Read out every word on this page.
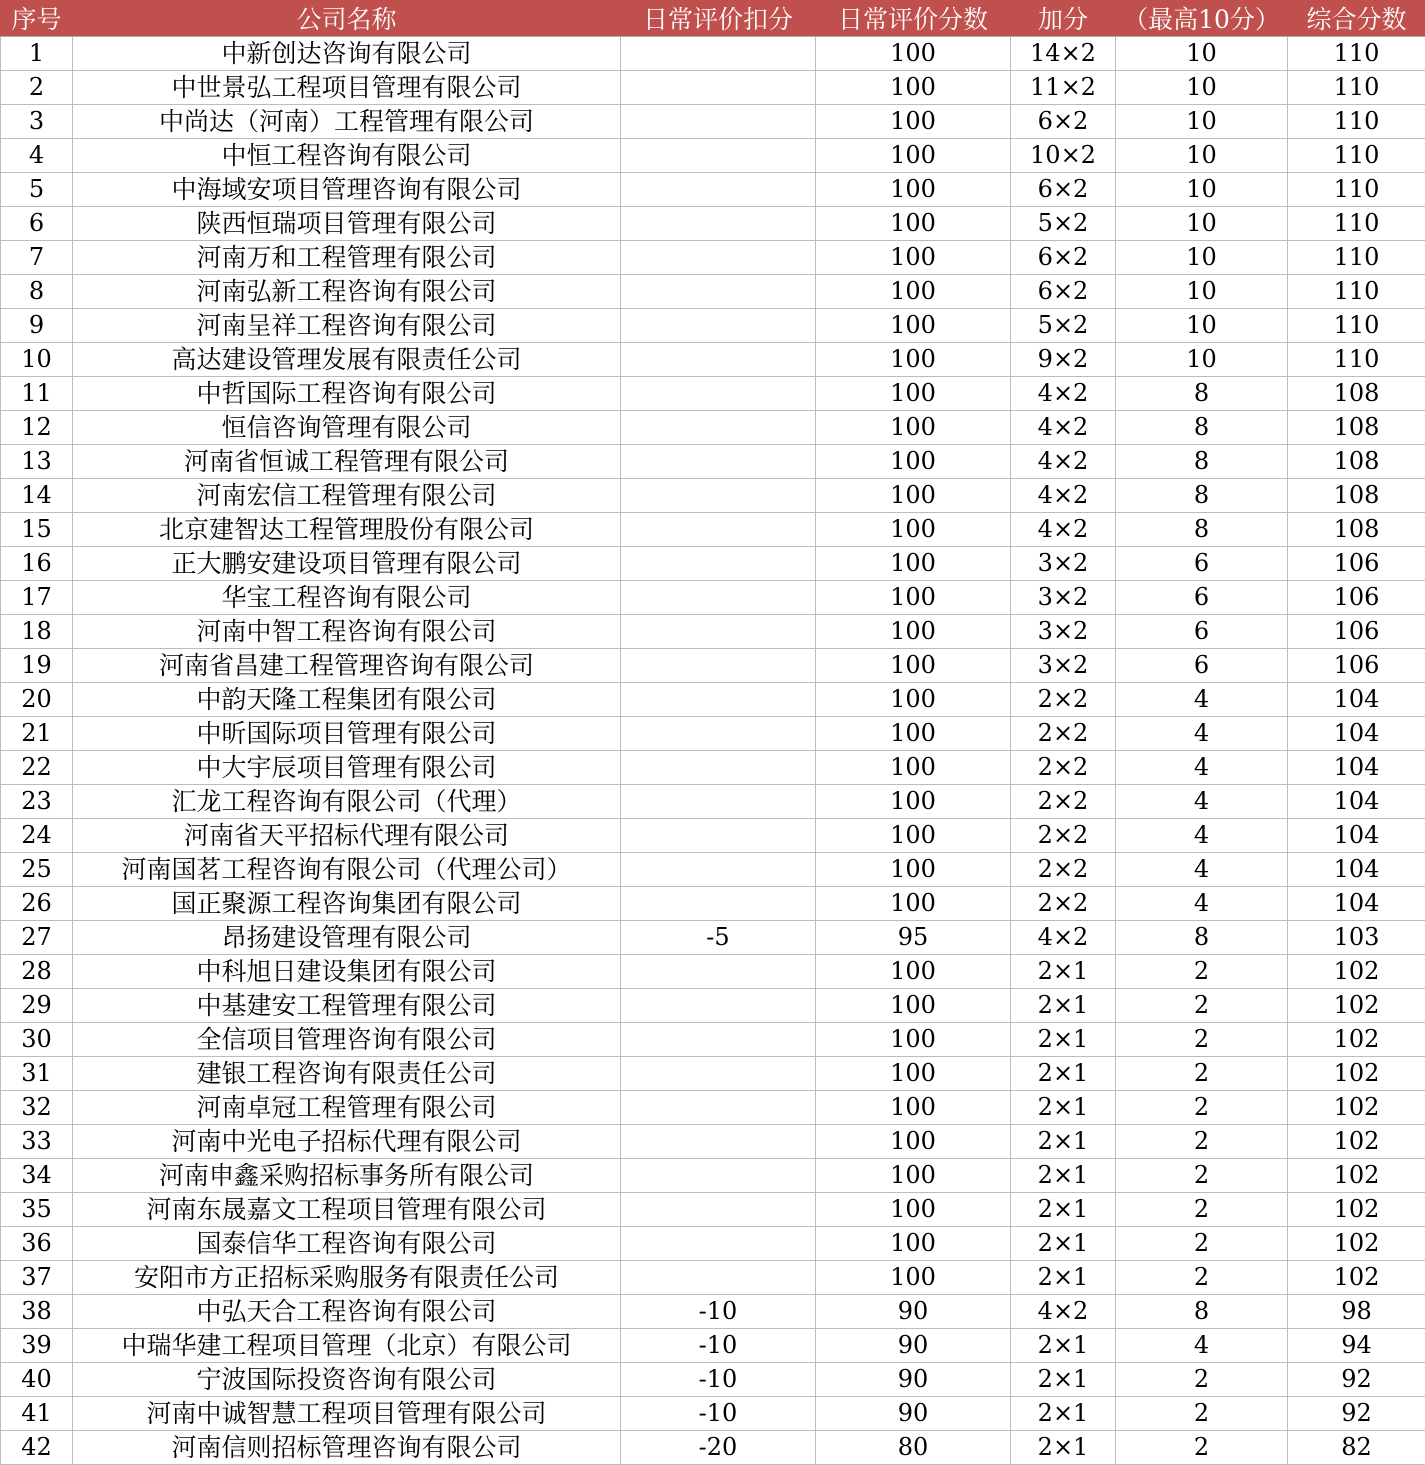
序号	公司名称	日常评价扣分	日常评价分数	加分	（最高10分）	综合分数
1	中新创达咨询有限公司		100	14×2	10	110
2	中世景弘工程项目管理有限公司		100	11×2	10	110
3	中尚达（河南）工程管理有限公司		100	6×2	10	110
4	中恒工程咨询有限公司		100	10×2	10	110
5	中海域安项目管理咨询有限公司		100	6×2	10	110
6	陕西恒瑞项目管理有限公司		100	5×2	10	110
7	河南万和工程管理有限公司		100	6×2	10	110
8	河南弘新工程咨询有限公司		100	6×2	10	110
9	河南呈祥工程咨询有限公司		100	5×2	10	110
10	高达建设管理发展有限责任公司		100	9×2	10	110
11	中哲国际工程咨询有限公司		100	4×2	8	108
12	恒信咨询管理有限公司		100	4×2	8	108
13	河南省恒诚工程管理有限公司		100	4×2	8	108
14	河南宏信工程管理有限公司		100	4×2	8	108
15	北京建智达工程管理股份有限公司		100	4×2	8	108
16	正大鹏安建设项目管理有限公司		100	3×2	6	106
17	华宝工程咨询有限公司		100	3×2	6	106
18	河南中智工程咨询有限公司		100	3×2	6	106
19	河南省昌建工程管理咨询有限公司		100	3×2	6	106
20	中韵天隆工程集团有限公司		100	2×2	4	104
21	中昕国际项目管理有限公司		100	2×2	4	104
22	中大宇辰项目管理有限公司		100	2×2	4	104
23	汇龙工程咨询有限公司（代理）		100	2×2	4	104
24	河南省天平招标代理有限公司		100	2×2	4	104
25	河南国茗工程咨询有限公司（代理公司）		100	2×2	4	104
26	国正聚源工程咨询集团有限公司		100	2×2	4	104
27	昂扬建设管理有限公司	-5	95	4×2	8	103
28	中科旭日建设集团有限公司		100	2×1	2	102
29	中基建安工程管理有限公司		100	2×1	2	102
30	全信项目管理咨询有限公司		100	2×1	2	102
31	建银工程咨询有限责任公司		100	2×1	2	102
32	河南卓冠工程管理有限公司		100	2×1	2	102
33	河南中光电子招标代理有限公司		100	2×1	2	102
34	河南申鑫采购招标事务所有限公司		100	2×1	2	102
35	河南东晟嘉文工程项目管理有限公司		100	2×1	2	102
36	国泰信华工程咨询有限公司		100	2×1	2	102
37	安阳市方正招标采购服务有限责任公司		100	2×1	2	102
38	中弘天合工程咨询有限公司	-10	90	4×2	8	98
39	中瑞华建工程项目管理（北京）有限公司	-10	90	2×1	4	94
40	宁波国际投资咨询有限公司	-10	90	2×1	2	92
41	河南中诚智慧工程项目管理有限公司	-10	90	2×1	2	92
42	河南信则招标管理咨询有限公司	-20	80	2×1	2	82
